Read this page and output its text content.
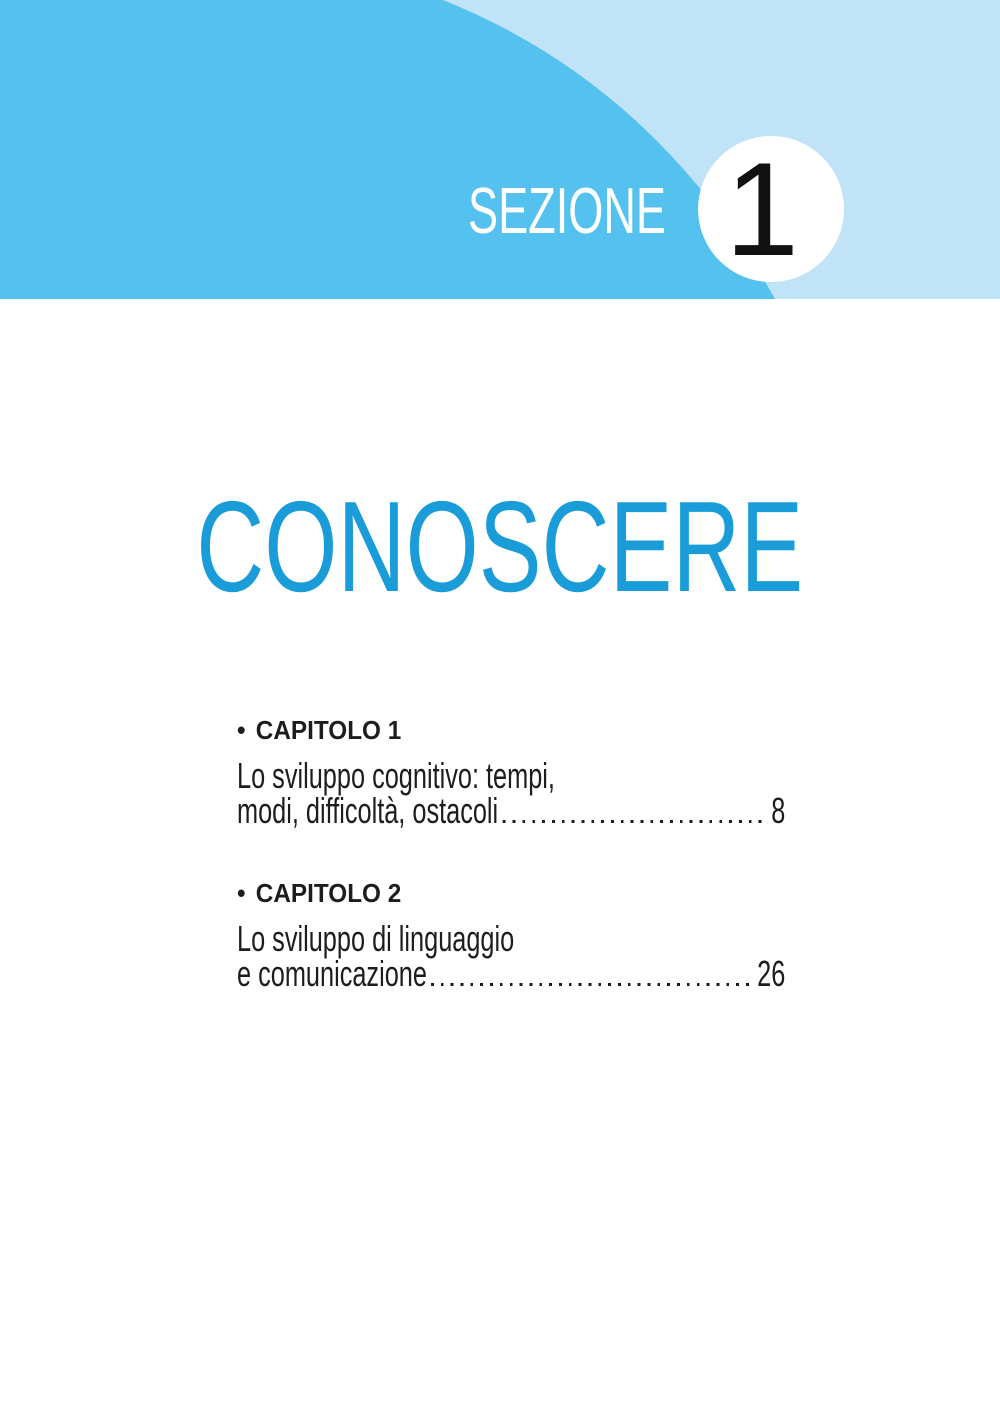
SEZIONE 1
CONOSCERE
• CAPITOLO 1
Lo sviluppo cognitivo: tempi,
modi, difficoltà, ostacoli	8
• CAPITOLO 2
Lo sviluppo di linguaggio
e comunicazione	26
